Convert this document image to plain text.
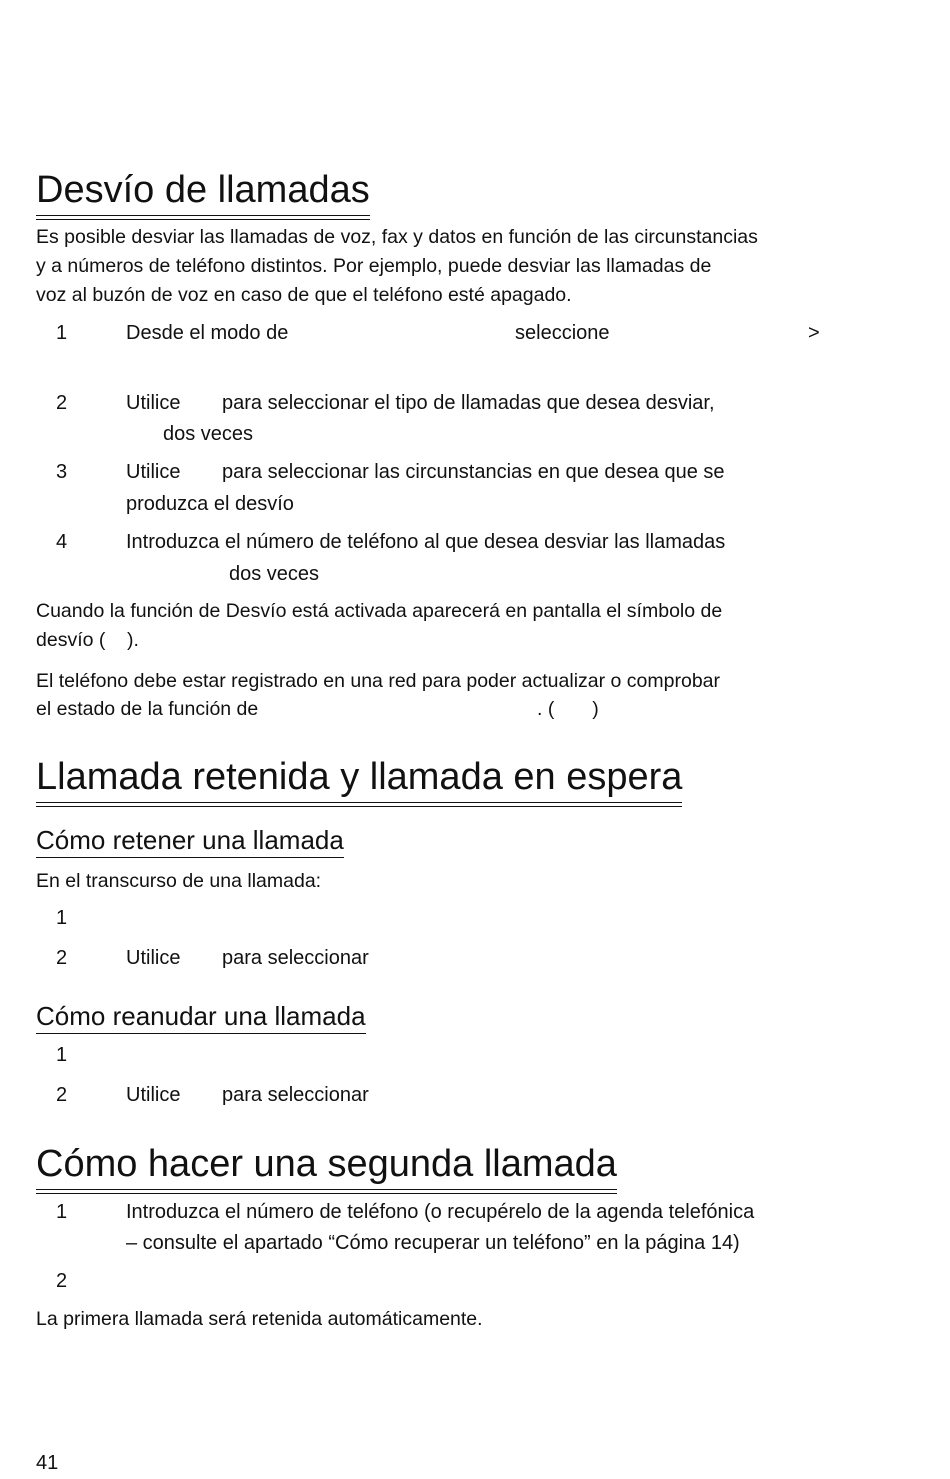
Desvío de llamadas
Es posible desviar las llamadas de voz, fax y datos en función de las circunstancias
y a números de teléfono distintos. Por ejemplo, puede desviar las llamadas de
voz al buzón de voz en caso de que el teléfono esté apagado.
1	Desde el modo de	seleccione	>
2	Utilice para seleccionar el tipo de llamadas que desea desviar,
dos veces
3	Utilice para seleccionar las circunstancias en que desea que se
produzca el desvío
4	Introduzca el número de teléfono al que desea desviar las llamadas
dos veces
Cuando la función de Desvío está activada aparecerá en pantalla el símbolo de
desvío (    ).
El teléfono debe estar registrado en una red para poder actualizar o comprobar
el estado de la función de	. (       )
Llamada retenida y llamada en espera
Cómo retener una llamada
En el transcurso de una llamada:
1
2	Utilice para seleccionar
Cómo reanudar una llamada
1
2	Utilice para seleccionar
Cómo hacer una segunda llamada
1	Introduzca el número de teléfono (o recupérelo de la agenda telefónica
– consulte el apartado “Cómo recuperar un teléfono” en la página 14)
2
La primera llamada será retenida automáticamente.
41
